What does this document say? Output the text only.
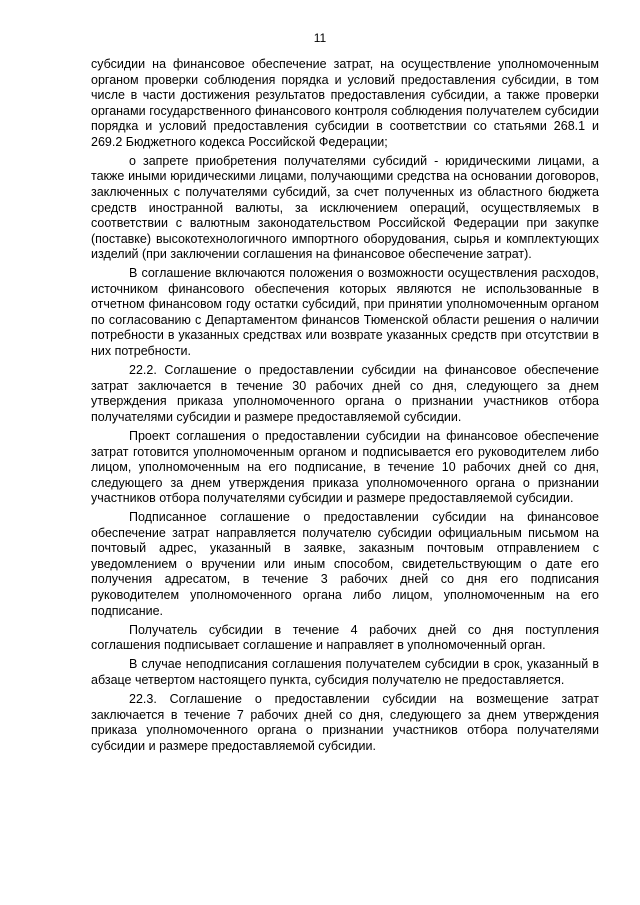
11

субсидии на финансовое обеспечение затрат, на осуществление уполномоченным органом проверки соблюдения порядка и условий предоставления субсидии, в том числе в части достижения результатов предоставления субсидии, а также проверки органами государственного финансового контроля соблюдения получателем субсидии порядка и условий предоставления субсидии в соответствии со статьями 268.1 и 269.2 Бюджетного кодекса Российской Федерации;

о запрете приобретения получателями субсидий - юридическими лицами, а также иными юридическими лицами, получающими средства на основании договоров, заключенных с получателями субсидий, за счет полученных из областного бюджета средств иностранной валюты, за исключением операций, осуществляемых в соответствии с валютным законодательством Российской Федерации при закупке (поставке) высокотехнологичного импортного оборудования, сырья и комплектующих изделий (при заключении соглашения на финансовое обеспечение затрат).

В соглашение включаются положения о возможности осуществления расходов, источником финансового обеспечения которых являются не использованные в отчетном финансовом году остатки субсидий, при принятии уполномоченным органом по согласованию с Департаментом финансов Тюменской области решения о наличии потребности в указанных средствах или возврате указанных средств при отсутствии в них потребности.

22.2. Соглашение о предоставлении субсидии на финансовое обеспечение затрат заключается в течение 30 рабочих дней со дня, следующего за днем утверждения приказа уполномоченного органа о признании участников отбора получателями субсидии и размере предоставляемой субсидии.

Проект соглашения о предоставлении субсидии на финансовое обеспечение затрат готовится уполномоченным органом и подписывается его руководителем либо лицом, уполномоченным на его подписание, в течение 10 рабочих дней со дня, следующего за днем утверждения приказа уполномоченного органа о признании участников отбора получателями субсидии и размере предоставляемой субсидии.

Подписанное соглашение о предоставлении субсидии на финансовое обеспечение затрат направляется получателю субсидии официальным письмом на почтовый адрес, указанный в заявке, заказным почтовым отправлением с уведомлением о вручении или иным способом, свидетельствующим о дате его получения адресатом, в течение 3 рабочих дней со дня его подписания руководителем уполномоченного органа либо лицом, уполномоченным на его подписание.

Получатель субсидии в течение 4 рабочих дней со дня поступления соглашения подписывает соглашение и направляет в уполномоченный орган.

В случае неподписания соглашения получателем субсидии в срок, указанный в абзаце четвертом настоящего пункта, субсидия получателю не предоставляется.

22.3. Соглашение о предоставлении субсидии на возмещение затрат заключается в течение 7 рабочих дней со дня, следующего за днем утверждения приказа уполномоченного органа о признании участников отбора получателями субсидии и размере предоставляемой субсидии.
